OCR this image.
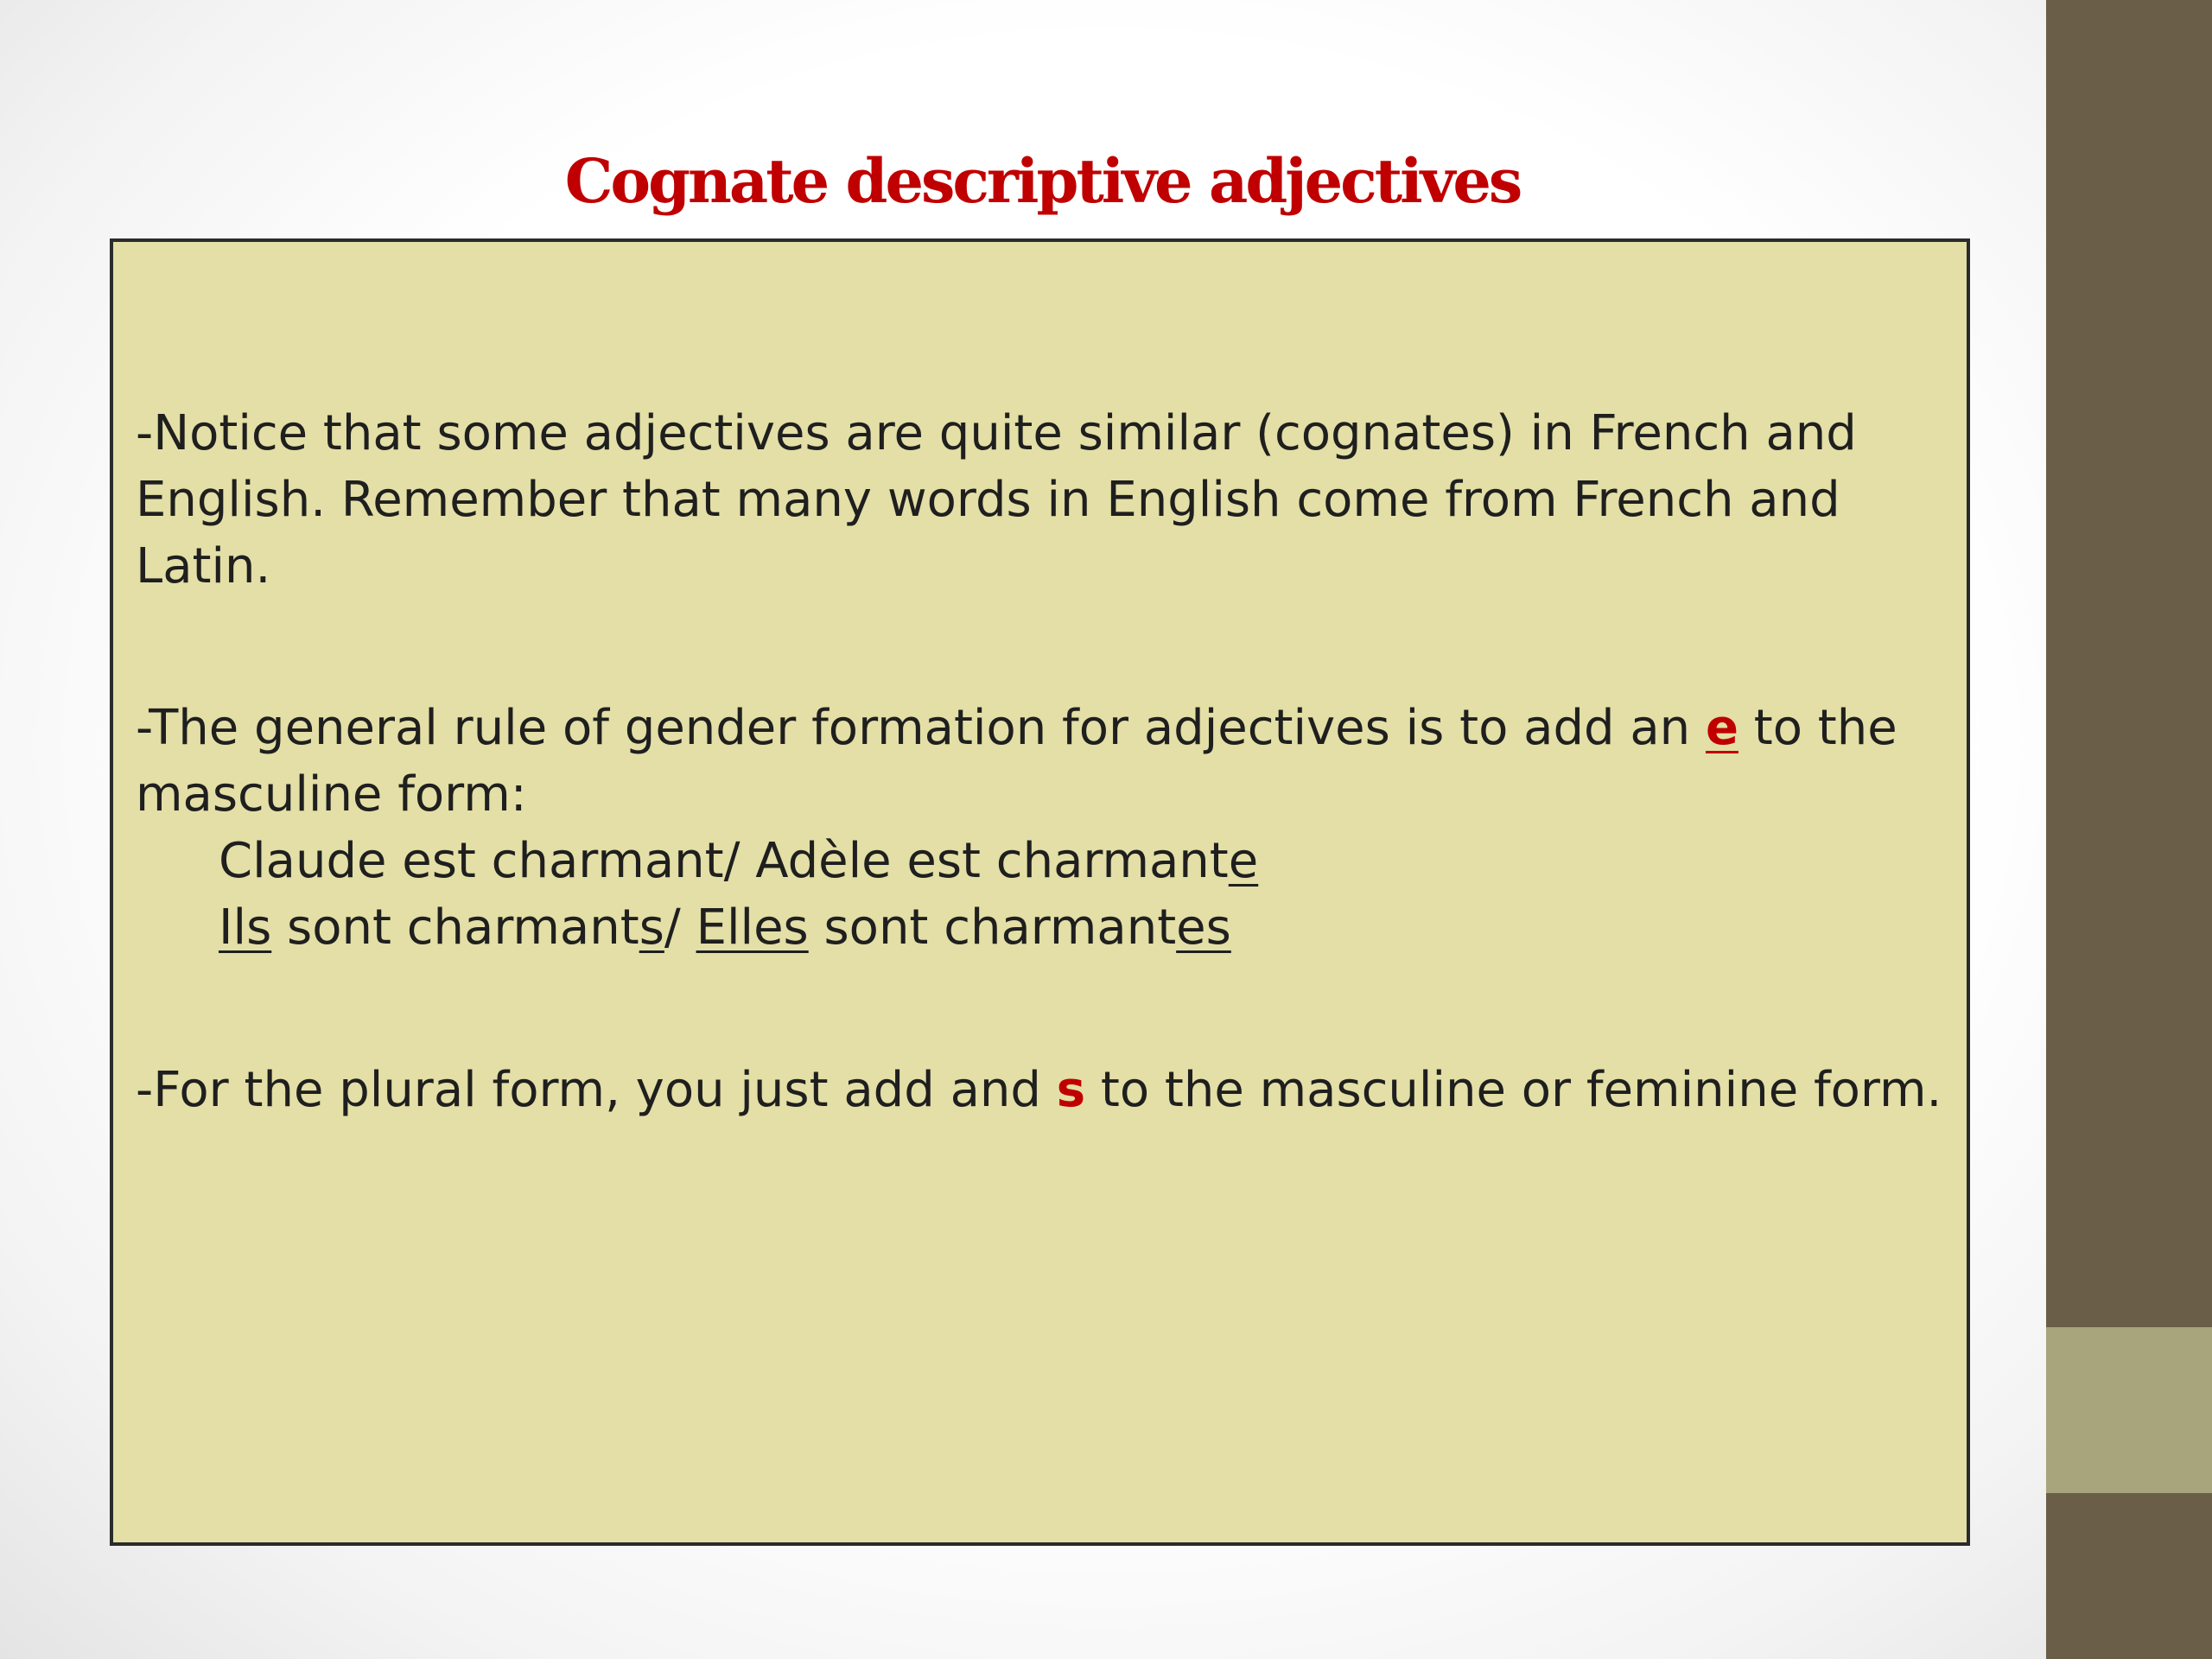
Cognate descriptive adjectives

-Notice that some adjectives are quite similar (cognates) in French and English. Remember that many words in English come from French and Latin.

-The general rule of gender formation for adjectives is to add an e to the masculine form:
Claude est charmant/ Adèle est charmante
Ils sont charmants/ Elles sont charmantes

-For the plural form, you just add and s to the masculine or feminine form.
